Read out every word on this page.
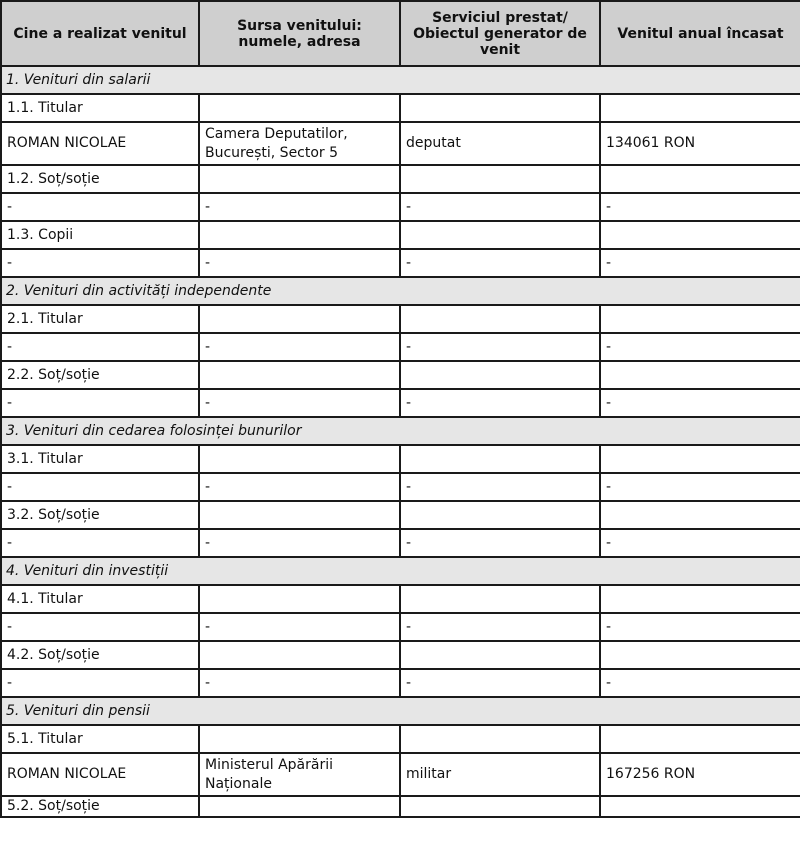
Cine a realizat venitul	Sursa venitului: numele, adresa	Serviciul prestat/ Obiectul generator de venit	Venitul anual încasat
1. Venituri din salarii			
1.1. Titular			
ROMAN NICOLAE	Camera Deputatilor, București, Sector 5	deputat	134061 RON
1.2. Soț/soție			
-	-	-	-
1.3. Copii			
-	-	-	-
2. Venituri din activități independente			
2.1. Titular			
-	-	-	-
2.2. Soț/soție			
-	-	-	-
3. Venituri din cedarea folosinței bunurilor			
3.1. Titular			
-	-	-	-
3.2. Soț/soție			
-	-	-	-
4. Venituri din investiții			
4.1. Titular			
-	-	-	-
4.2. Soț/soție			
-	-	-	-
5. Venituri din pensii			
5.1. Titular			
ROMAN NICOLAE	Ministerul Apărării Naționale	militar	167256 RON
5.2. Soț/soție			
